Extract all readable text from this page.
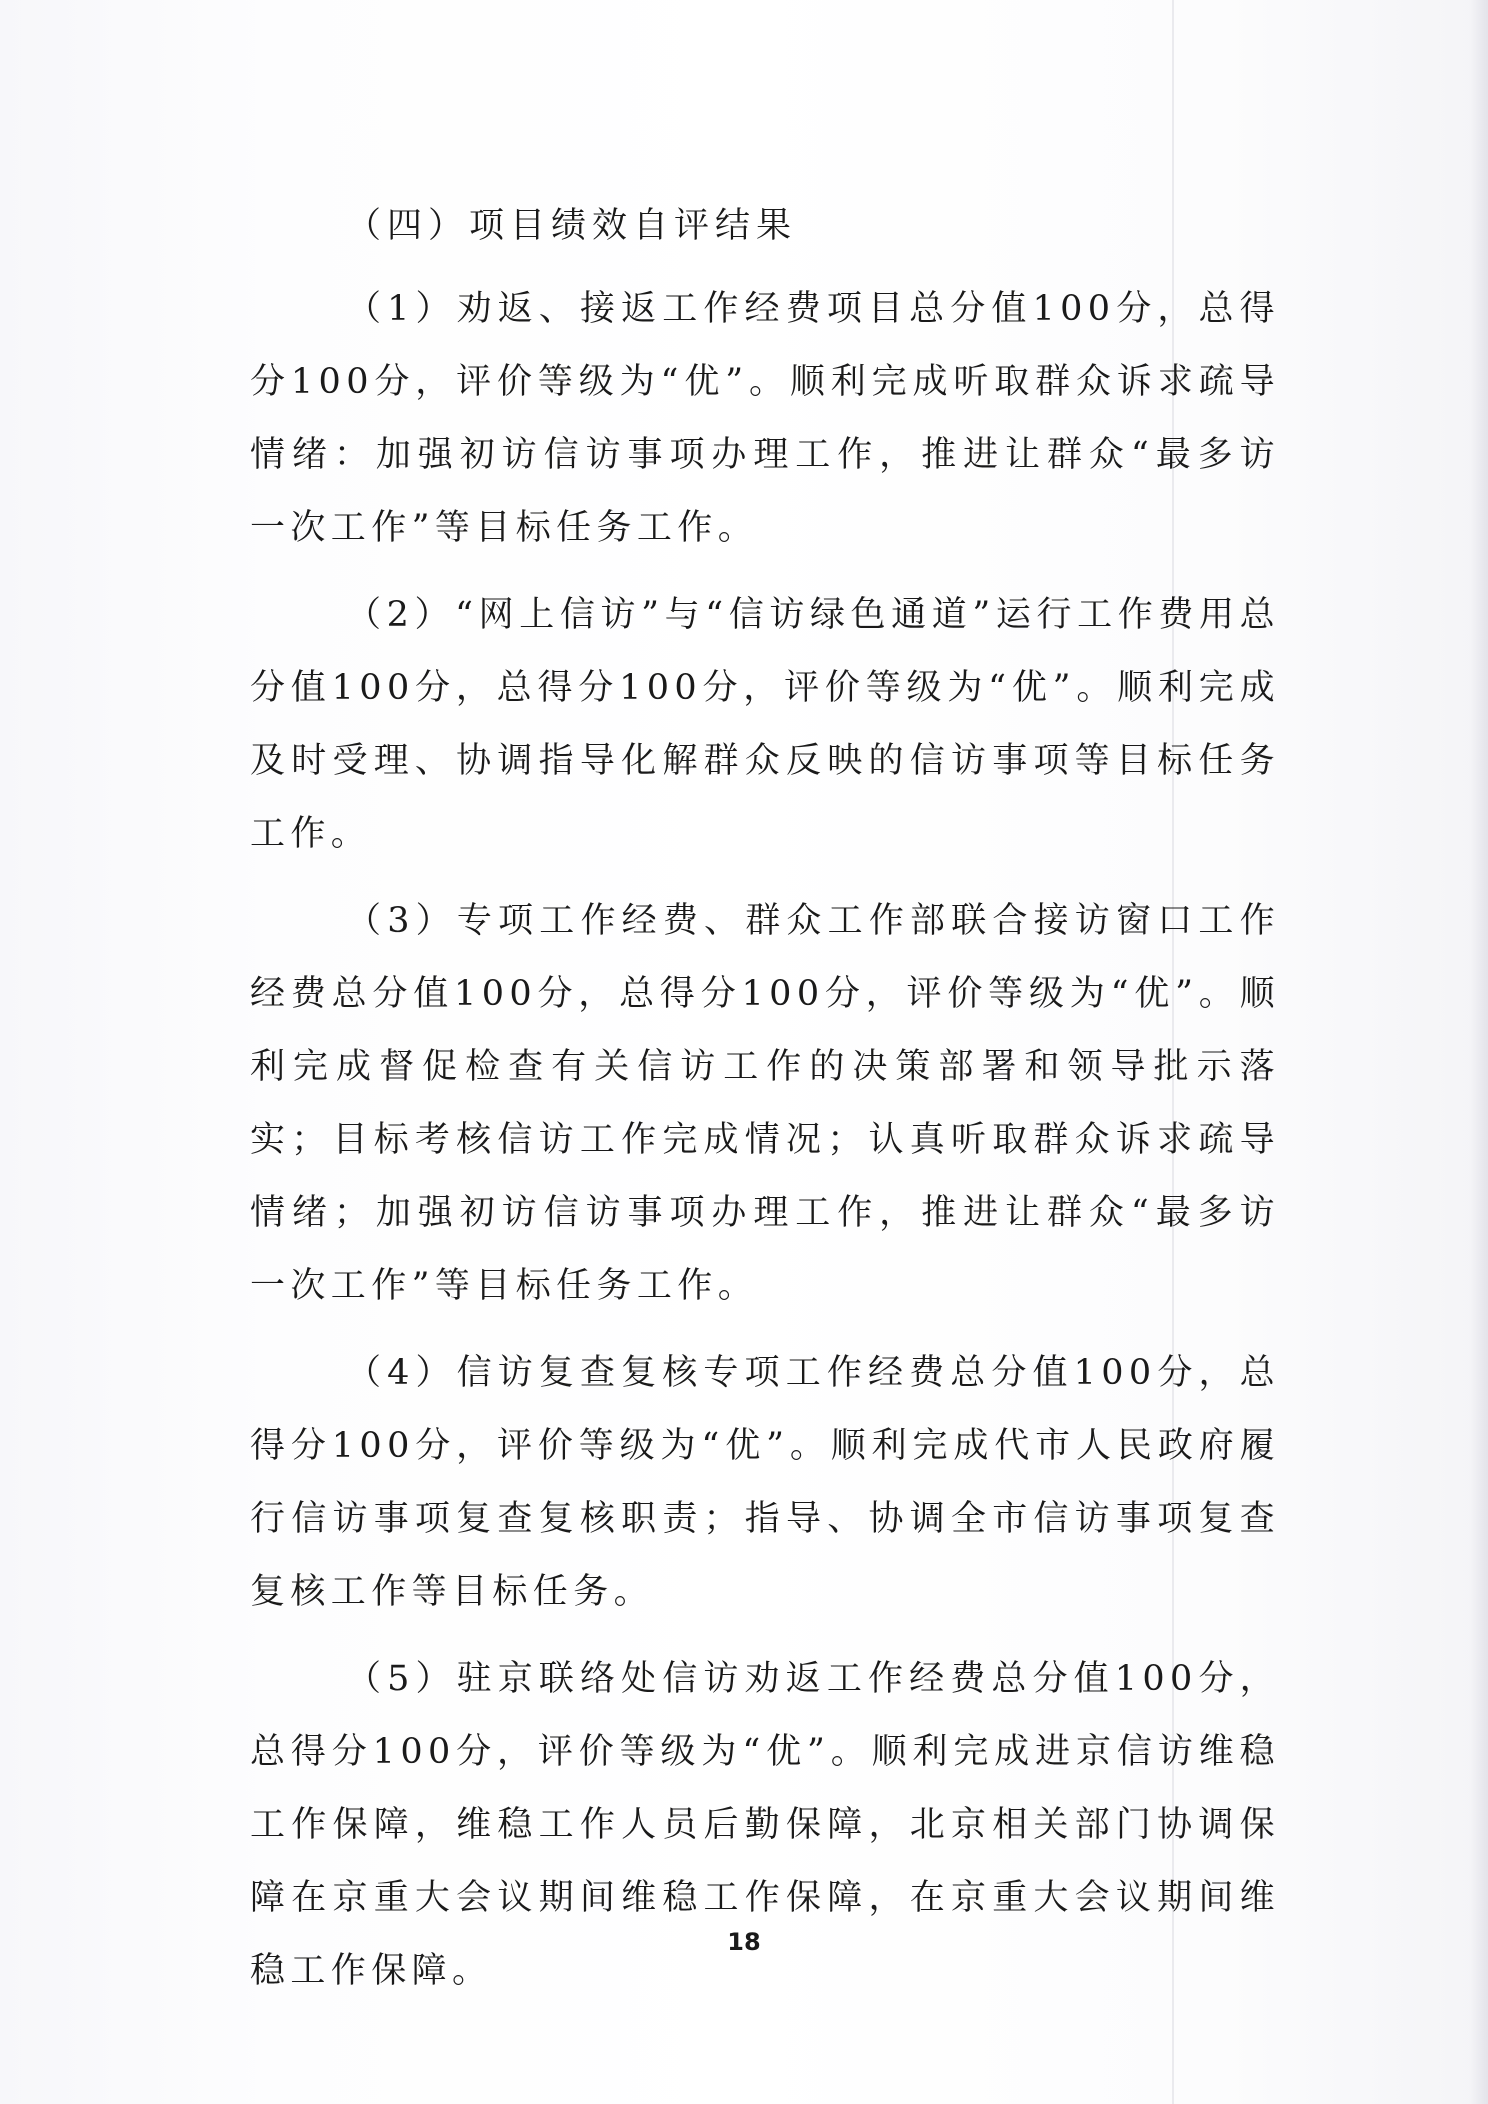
（四）项目绩效自评结果

（1）劝返、接返工作经费项目总分值100分，总得分100分，评价等级为“优”。顺利完成听取群众诉求疏导情绪：加强初访信访事项办理工作，推进让群众“最多访一次工作”等目标任务工作。

（2）“网上信访”与“信访绿色通道”运行工作费用总分值100分，总得分100分，评价等级为“优”。顺利完成及时受理、协调指导化解群众反映的信访事项等目标任务工作。

（3）专项工作经费、群众工作部联合接访窗口工作经费总分值100分，总得分100分，评价等级为“优”。顺利完成督促检查有关信访工作的决策部署和领导批示落实；目标考核信访工作完成情况；认真听取群众诉求疏导情绪；加强初访信访事项办理工作，推进让群众“最多访一次工作”等目标任务工作。

（4）信访复查复核专项工作经费总分值100分，总得分100分，评价等级为“优”。顺利完成代市人民政府履行信访事项复查复核职责；指导、协调全市信访事项复查复核工作等目标任务。

（5）驻京联络处信访劝返工作经费总分值100分，总得分100分，评价等级为“优”。顺利完成进京信访维稳工作保障，维稳工作人员后勤保障，北京相关部门协调保障在京重大会议期间维稳工作保障，在京重大会议期间维稳工作保障。

18
